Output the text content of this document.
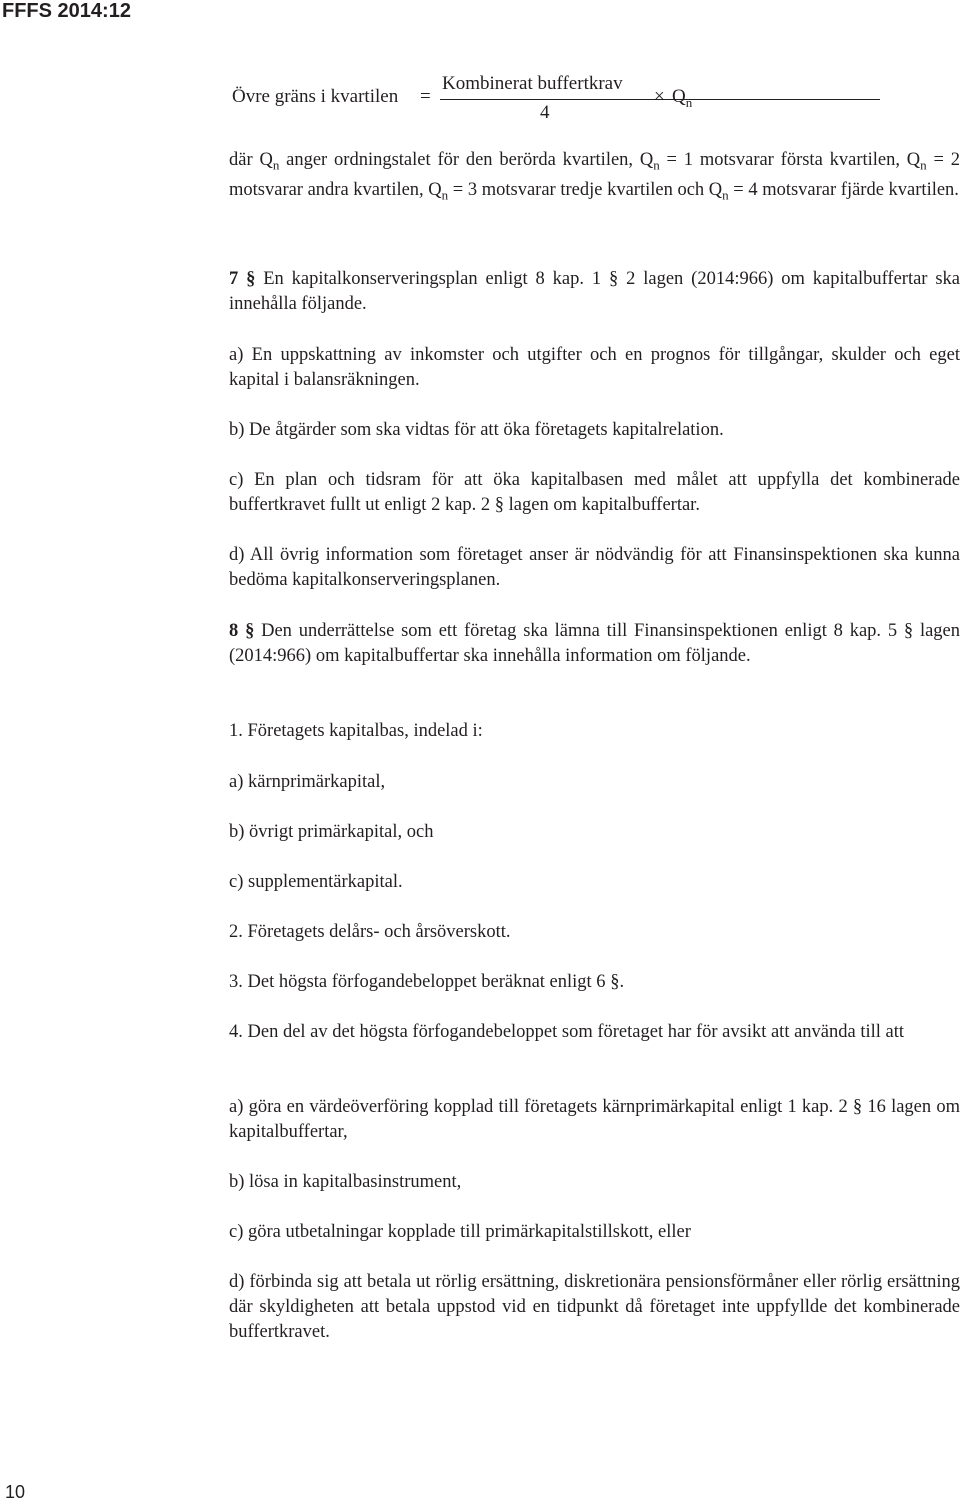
FFFS 2014:12
Övre gräns i kvartilen =
Kombinerat buffertkrav
4
× $Q_n$
där $Q_n$ anger ordningstalet för den berörda kvartilen, $Q_n = 1$ motsvarar första kvartilen, $Q_n = 2$ motsvarar andra kvartilen, $Q_n = 3$ motsvarar tredje kvartilen och $Q_n = 4$ motsvarar fjärde kvartilen.
7 § En kapitalkonserveringsplan enligt 8 kap. 1 § 2 lagen (2014:966) om kapitalbuffertar ska innehålla följande.
a) En uppskattning av inkomster och utgifter och en prognos för tillgångar, skulder och eget kapital i balansräkningen.
b) De åtgärder som ska vidtas för att öka företagets kapitalrelation.
c) En plan och tidsram för att öka kapitalbasen med målet att uppfylla det kombinerade buffertkravet fullt ut enligt 2 kap. 2 § lagen om kapitalbuffertar.
d) All övrig information som företaget anser är nödvändig för att Finansinspektionen ska kunna bedöma kapitalkonserveringsplanen.
8 § Den underrättelse som ett företag ska lämna till Finansinspektionen enligt 8 kap. 5 § lagen (2014:966) om kapitalbuffertar ska innehålla information om följande.
1. Företagets kapitalbas, indelad i:
a) kärnprimärkapital,
b) övrigt primärkapital, och
c) supplementärkapital.
2. Företagets delårs- och årsöverskott.
3. Det högsta förfogandebeloppet beräknat enligt 6 §.
4. Den del av det högsta förfogandebeloppet som företaget har för avsikt att använda till att
a) göra en värdeöverföring kopplad till företagets kärnprimärkapital enligt 1 kap. 2 § 16 lagen om kapitalbuffertar,
b) lösa in kapitalbasinstrument,
c) göra utbetalningar kopplade till primärkapitalstillskott, eller
d) förbinda sig att betala ut rörlig ersättning, diskretionära pensionsförmåner eller rörlig ersättning där skyldigheten att betala uppstod vid en tidpunkt då företaget inte uppfyllde det kombinerade buffertkravet.
10
